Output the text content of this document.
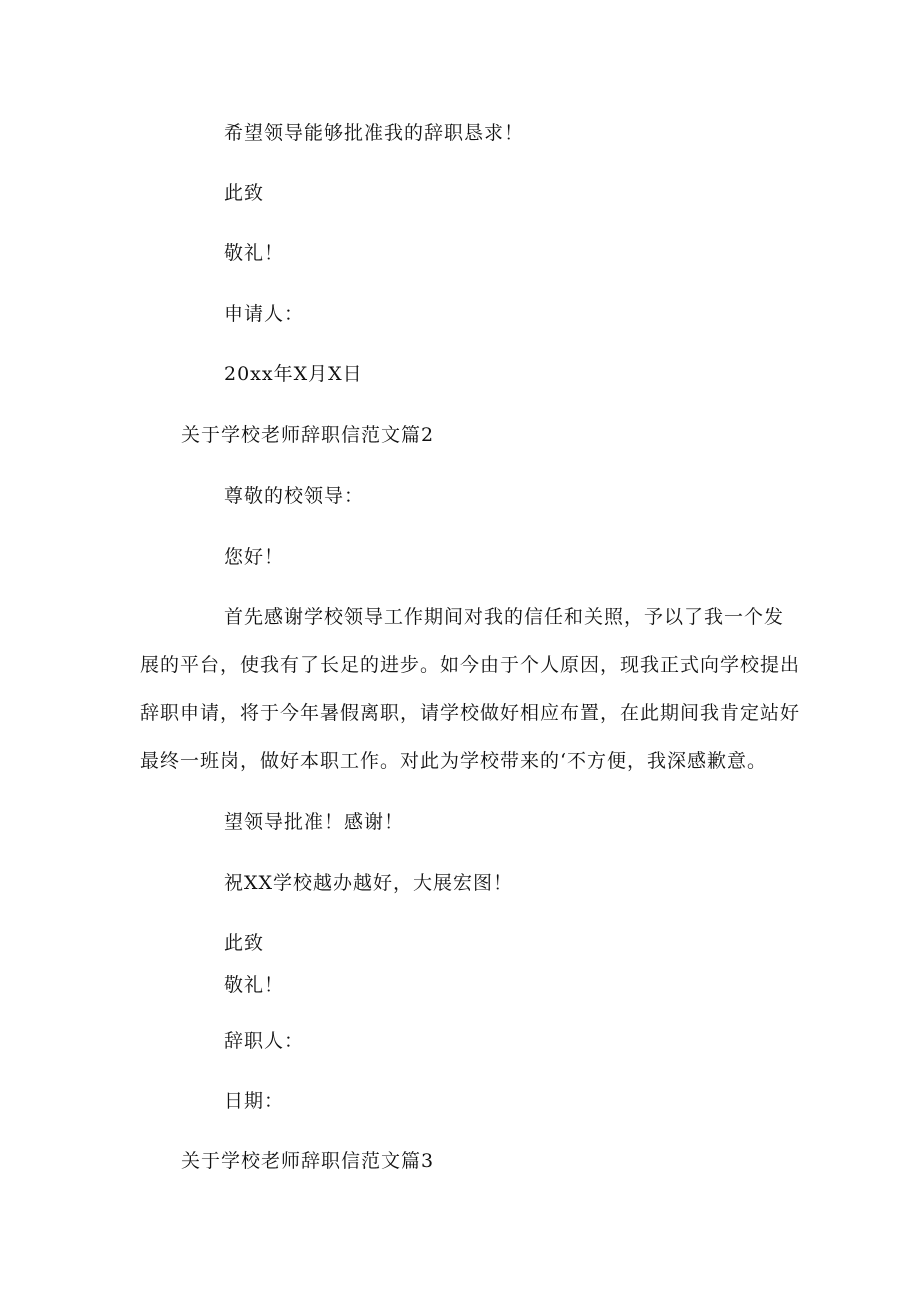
希望领导能够批准我的辞职恳求！
此致
敬礼！
申请人：
20xx年X月X日
关于学校老师辞职信范文篇2
尊敬的校领导：
您好！
首先感谢学校领导工作期间对我的信任和关照，予以了我一个发
展的平台，使我有了长足的进步。如今由于个人原因，现我正式向学校提出
辞职申请，将于今年暑假离职，请学校做好相应布置，在此期间我肯定站好
最终一班岗，做好本职工作。对此为学校带来的‘不方便，我深感歉意。
望领导批准！感谢！
祝XX学校越办越好，大展宏图！
此致
敬礼！
辞职人：
日期：
关于学校老师辞职信范文篇3
